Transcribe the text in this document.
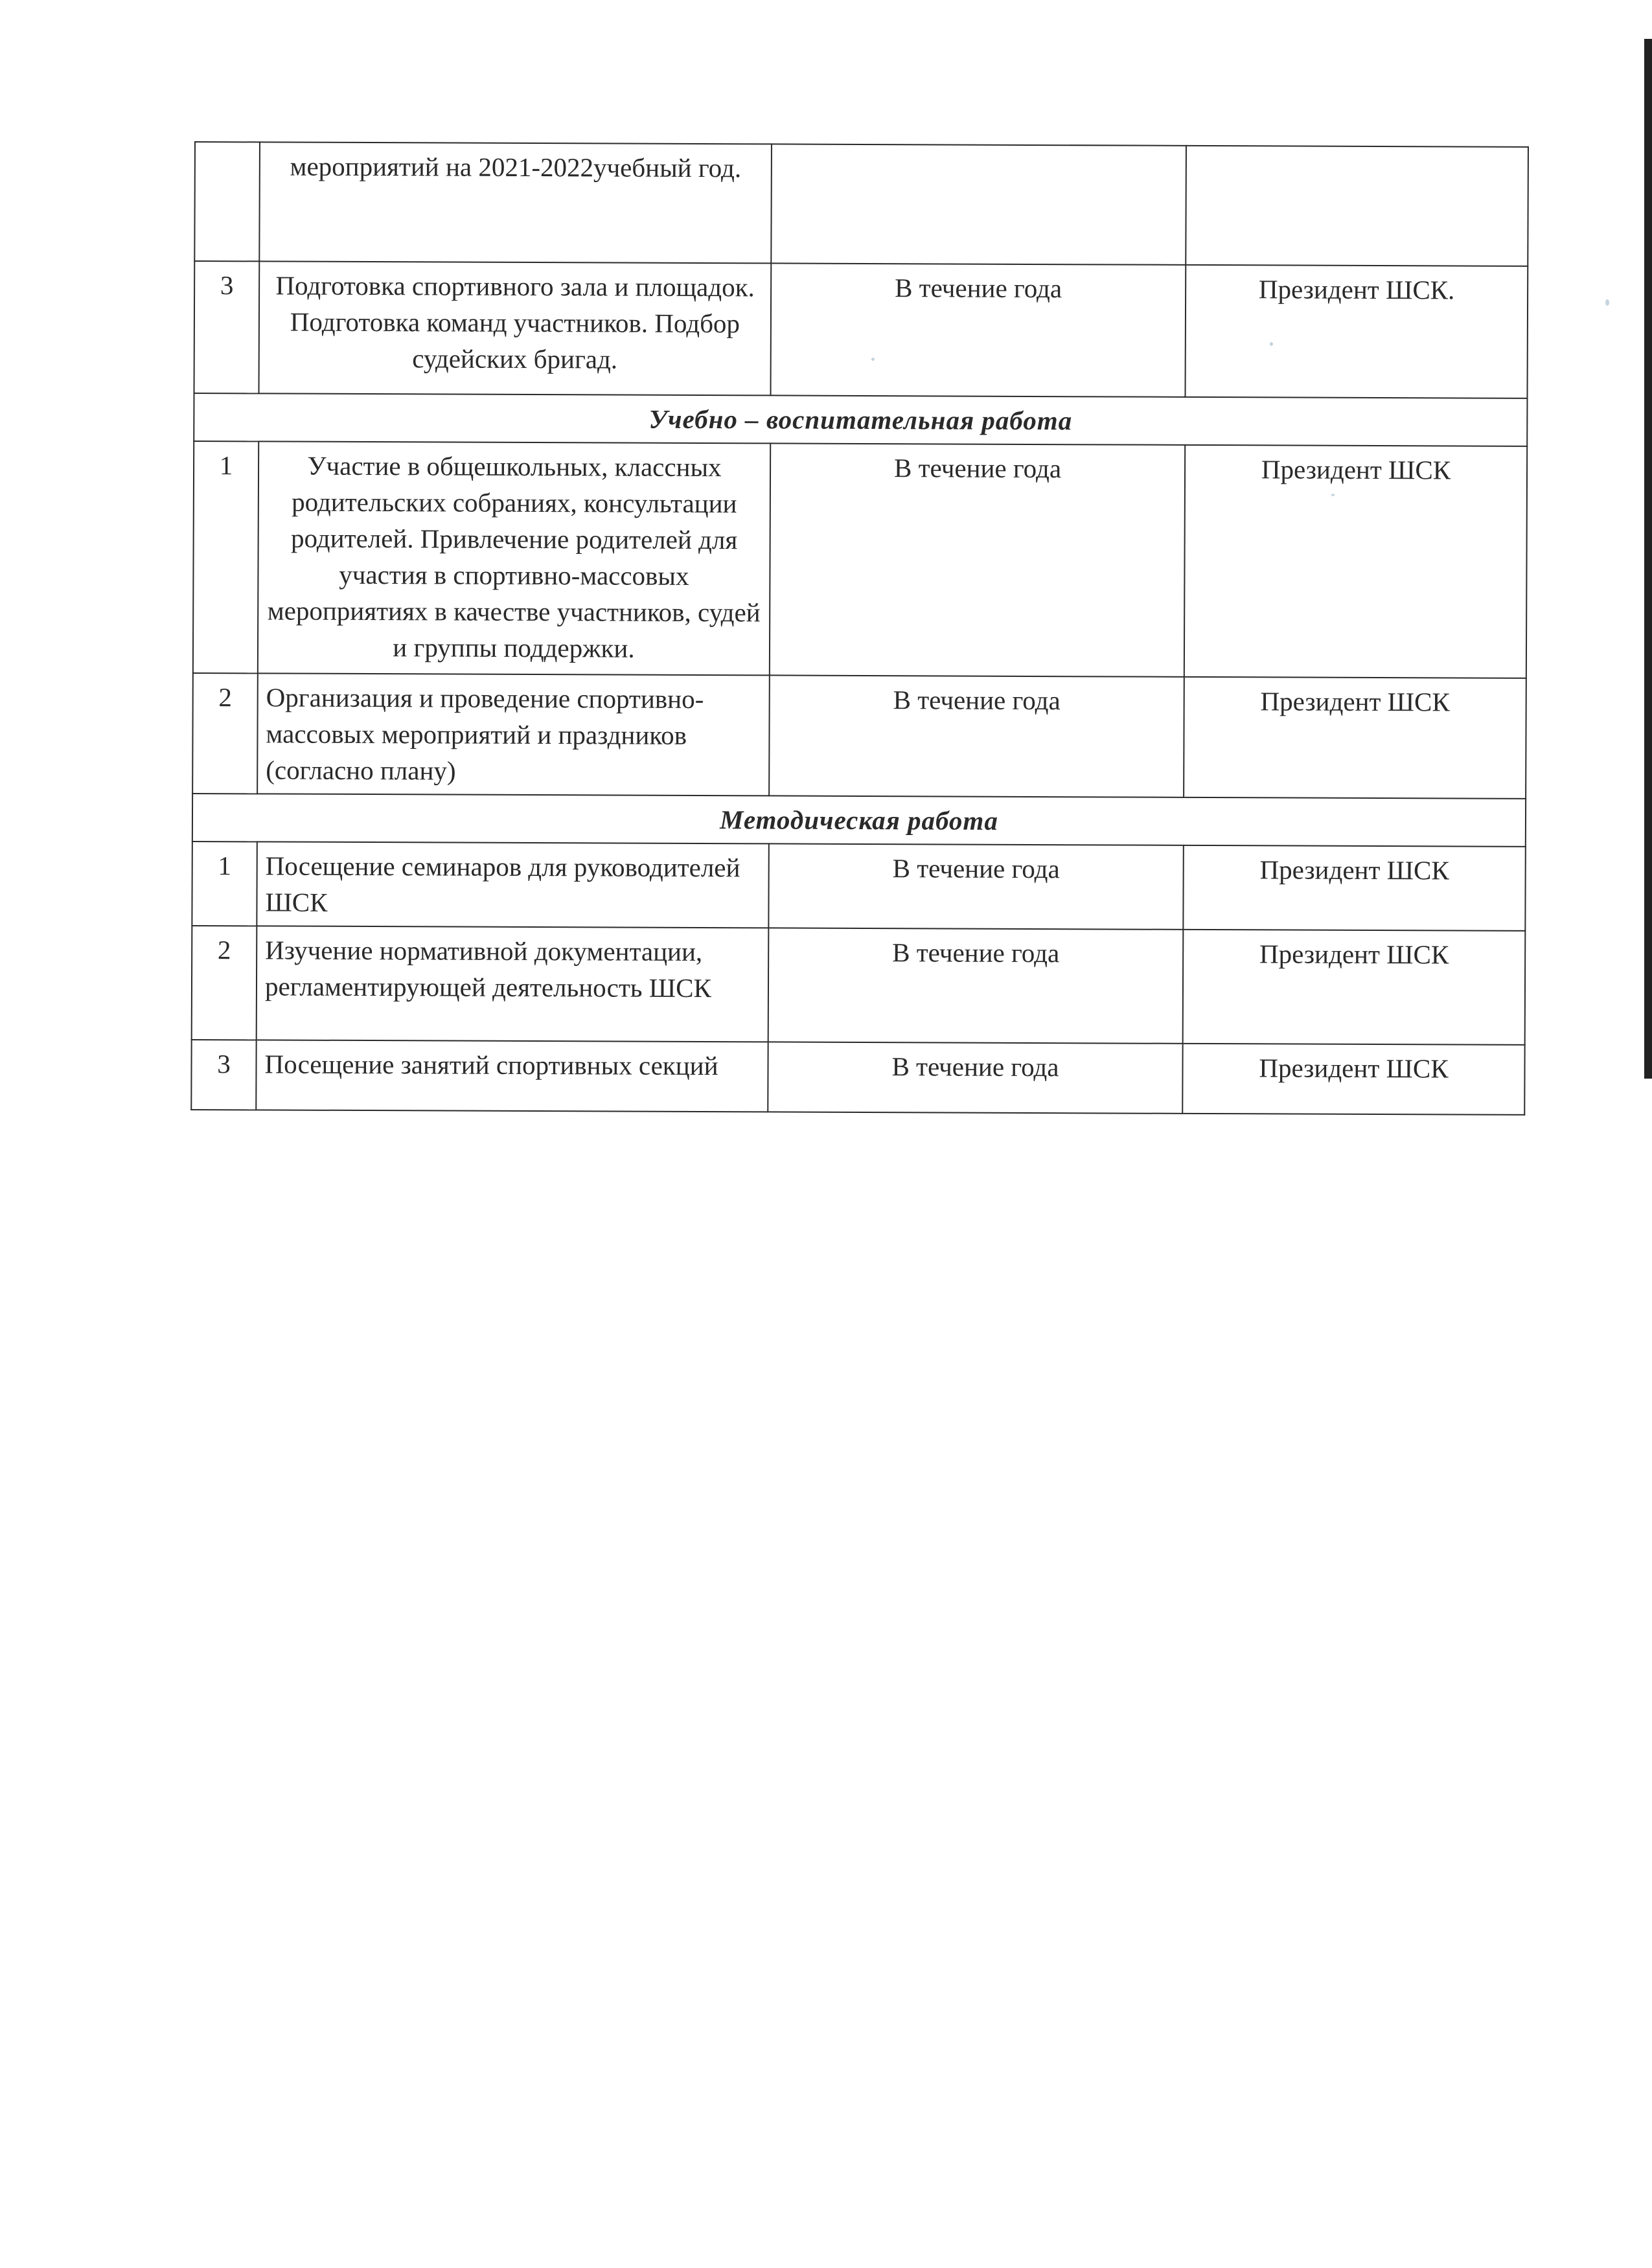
	мероприятий на 2021-2022учебный год.		
3	Подготовка спортивного зала и площадок. Подготовка команд участников. Подбор судейских бригад.	В течение года	Президент ШСК.
Учебно – воспитательная работа			
1	Участие в общешкольных, классных родительских собраниях, консультации родителей. Привлечение родителей для участия в спортивно-массовых мероприятиях в качестве участников, судей и группы поддержки.	В течение года	Президент ШСК
2	Организация и проведение спортивно-массовых мероприятий и праздников (согласно плану)	В течение года	Президент ШСК
Методическая работа			
1	Посещение семинаров для руководителей ШСК	В течение года	Президент ШСК
2	Изучение нормативной документации, регламентирующей деятельность ШСК	В течение года	Президент ШСК
3	Посещение занятий спортивных секций	В течение года	Президент ШСК
